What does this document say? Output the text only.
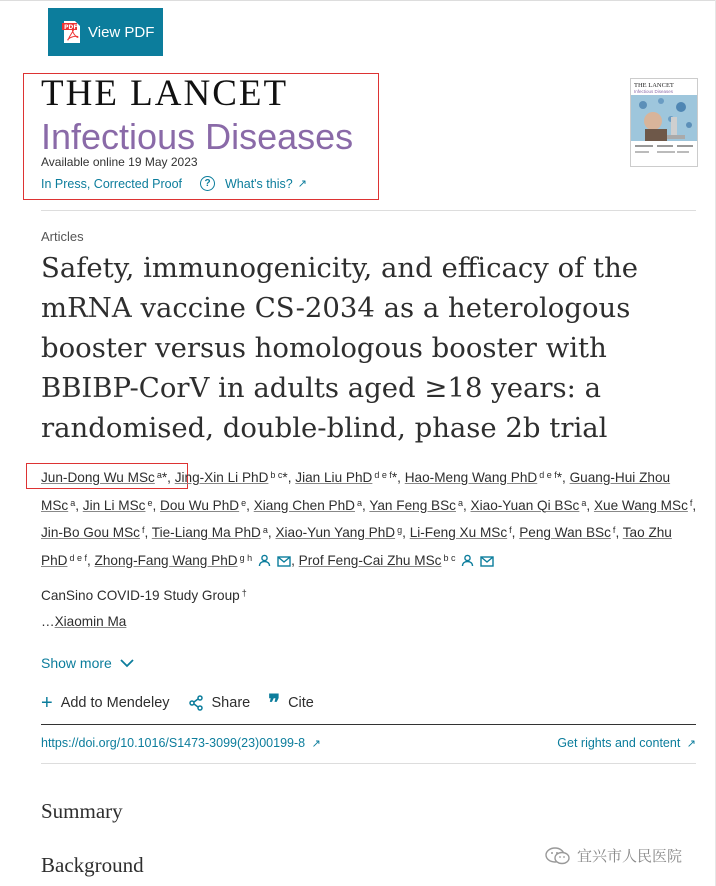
PDF View PDF
THE LANCET
Infectious Diseases
Available online 19 May 2023
In Press, Corrected Proof	?	What's this? ↗
THE LANCET
Infectious Diseases
Articles
Safety, immunogenicity, and efficacy of the mRNA vaccine CS-2034 as a heterologous booster versus homologous booster with BBIBP-CorV in adults aged ≥18 years: a randomised, double-blind, phase 2b trial
Jun-Dong Wu MSc $^a$*, Jing-Xin Li PhD $^{b c}$*, Jian Liu PhD $^{d e f}$*, Hao-Meng Wang PhD $^{d e f}$*, Guang-Hui Zhou MSc $^a$, Jin Li MSc $^e$, Dou Wu PhD $^e$, Xiang Chen PhD $^a$, Yan Feng BSc $^a$, Xiao-Yuan Qi BSc $^a$, Xue Wang MSc $^f$, Jin-Bo Gou MSc $^f$, Tie-Liang Ma PhD $^a$, Xiao-Yun Yang PhD $^g$, Li-Feng Xu MSc $^f$, Peng Wan BSc $^f$, Tao Zhu PhD $^{d e f}$, Zhong-Fang Wang PhD $^{g h}$	, Prof Feng-Cai Zhu MSc $^{b c}$
CanSino COVID-19 Study Group †
…Xiaomin Ma
Show more
+ Add to Mendeley	Share ❞ Cite
https://doi.org/10.1016/S1473-3099(23)00199-8 ↗	Get rights and content ↗
Summary
Background	宜兴市人民医院
